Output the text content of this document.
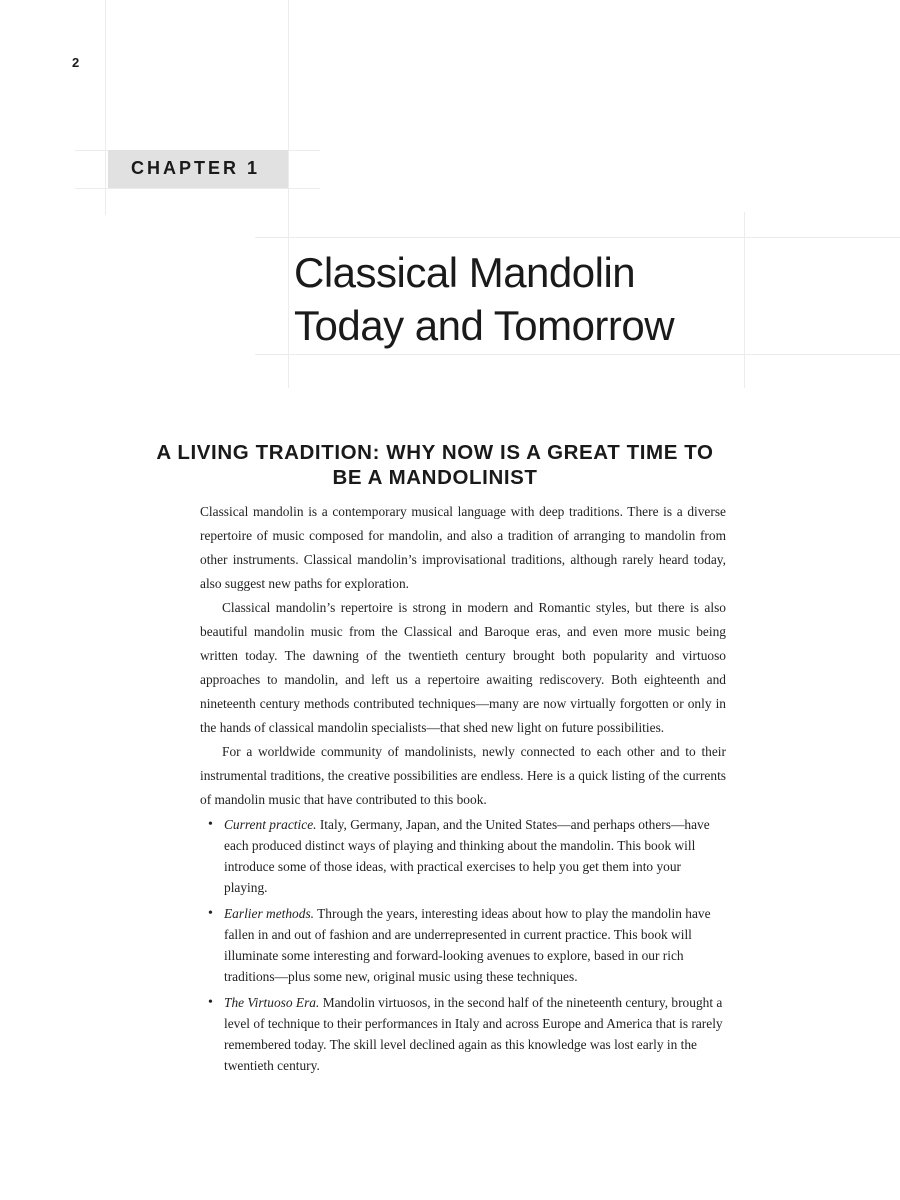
2
CHAPTER 1
Classical Mandolin
Today and Tomorrow
A LIVING TRADITION: WHY NOW IS A GREAT TIME TO
BE A MANDOLINIST

Classical mandolin is a contemporary musical language with deep traditions. There is a diverse repertoire of music composed for mandolin, and also a tradition of arranging to mandolin from other instruments. Classical mandolin’s improvisational traditions, although rarely heard today, also suggest new paths for exploration.

Classical mandolin’s repertoire is strong in modern and Romantic styles, but there is also beautiful mandolin music from the Classical and Baroque eras, and even more music being written today. The dawning of the twentieth century brought both popularity and virtuoso approaches to mandolin, and left us a repertoire awaiting rediscovery. Both eighteenth and nineteenth century methods contributed techniques—many are now virtually forgotten or only in the hands of classical mandolin specialists—that shed new light on future possibilities.

For a worldwide community of mandolinists, newly connected to each other and to their instrumental traditions, the creative possibilities are endless. Here is a quick listing of the currents of mandolin music that have contributed to this book.

• Current practice. Italy, Germany, Japan, and the United States—and perhaps others—have each produced distinct ways of playing and thinking about the mandolin. This book will introduce some of those ideas, with practical exercises to help you get them into your playing.
• Earlier methods. Through the years, interesting ideas about how to play the mandolin have fallen in and out of fashion and are underrepresented in current practice. This book will illuminate some interesting and forward-looking avenues to explore, based in our rich traditions—plus some new, original music using these techniques.
• The Virtuoso Era. Mandolin virtuosos, in the second half of the nineteenth century, brought a level of technique to their performances in Italy and across Europe and America that is rarely remembered today. The skill level declined again as this knowledge was lost early in the twentieth century.
